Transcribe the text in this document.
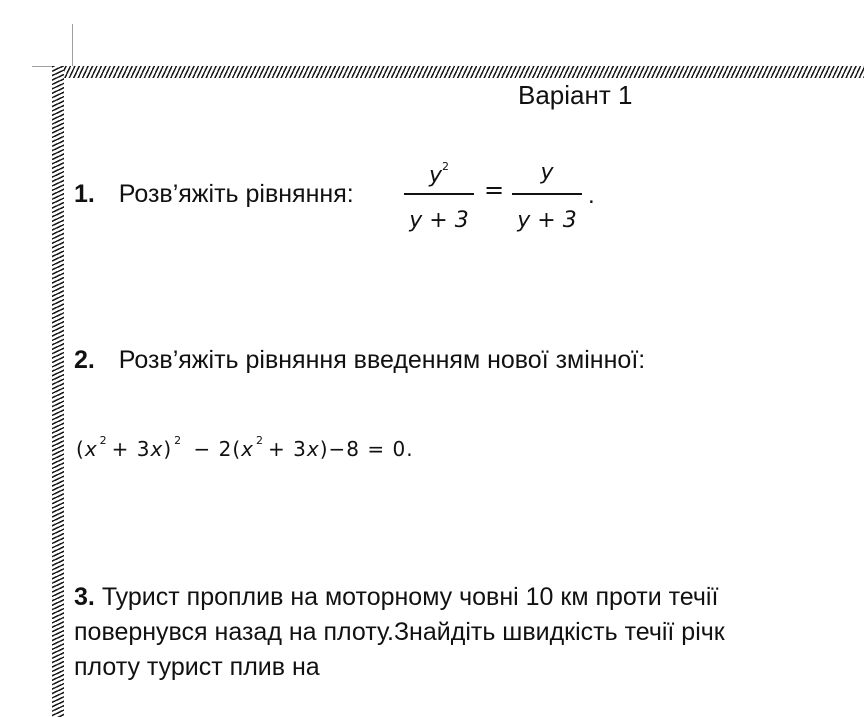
Варіант 1
1. Розв’яжіть рівняння:
$y^2$
y + 3
=
y
y + 3
.
2. Розв’яжіть рівняння введенням нової змінної:
(x $^2$ + 3x) $^2$ − 2(x $^2$ + 3x)−8 = 0.
3. Турист проплив на моторному човні 10 км проти течії
повернувся назад на плоту.Знайдіть швидкість течії річк
плоту турист плив на
